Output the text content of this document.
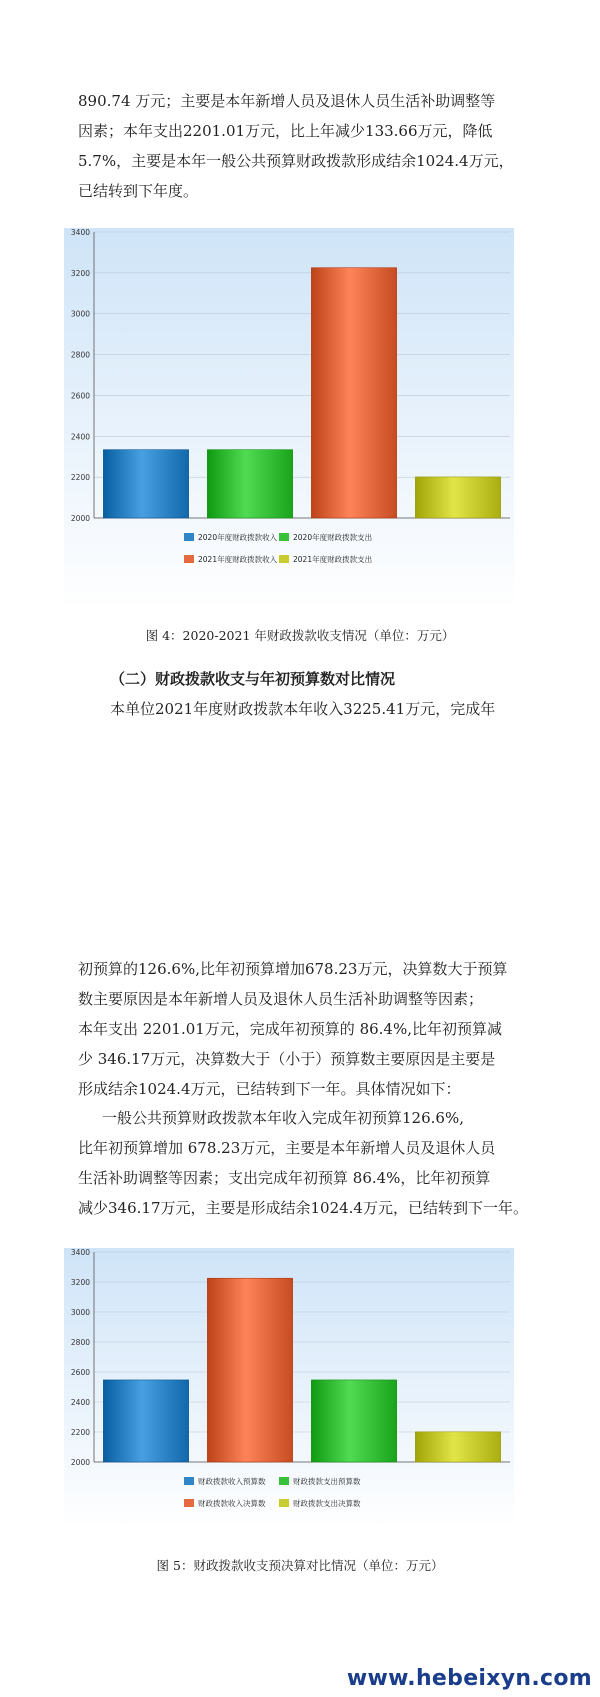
890.74 万元；主要是本年新增人员及退休人员生活补助调整等
因素；本年支出2201.01万元，比上年减少133.66万元，降低
5.7%，主要是本年一般公共预算财政拨款形成结余1024.4万元，
已结转到下年度。
2000
2200
2400
2600
2800
3000
3200
3400
2020年度财政拨款收入 2020年度财政拨款支出
2021年度财政拨款收入 2021年度财政拨款支出
图 4：2020-2021 年财政拨款收支情况（单位：万元）
（二）财政拨款收支与年初预算数对比情况
本单位2021年度财政拨款本年收入3225.41万元，完成年
初预算的126.6%,比年初预算增加678.23万元，决算数大于预算
数主要原因是本年新增人员及退休人员生活补助调整等因素；
本年支出 2201.01万元，完成年初预算的 86.4%,比年初预算减
少 346.17万元，决算数大于（小于）预算数主要原因是主要是
形成结余1024.4万元，已结转到下一年。具体情况如下：
一般公共预算财政拨款本年收入完成年初预算126.6%,
比年初预算增加 678.23万元，主要是本年新增人员及退休人员
生活补助调整等因素；支出完成年初预算 86.4%，比年初预算
减少346.17万元，主要是形成结余1024.4万元，已结转到下一年。
2000
2200
2400
2600
2800
3000
3200
3400
财政拨款收入预算数	财政拨款支出预算数
财政拨款收入决算数	财政拨款支出决算数
图 5：财政拨款收支预决算对比情况（单位：万元）
www.hebeixyn.com
